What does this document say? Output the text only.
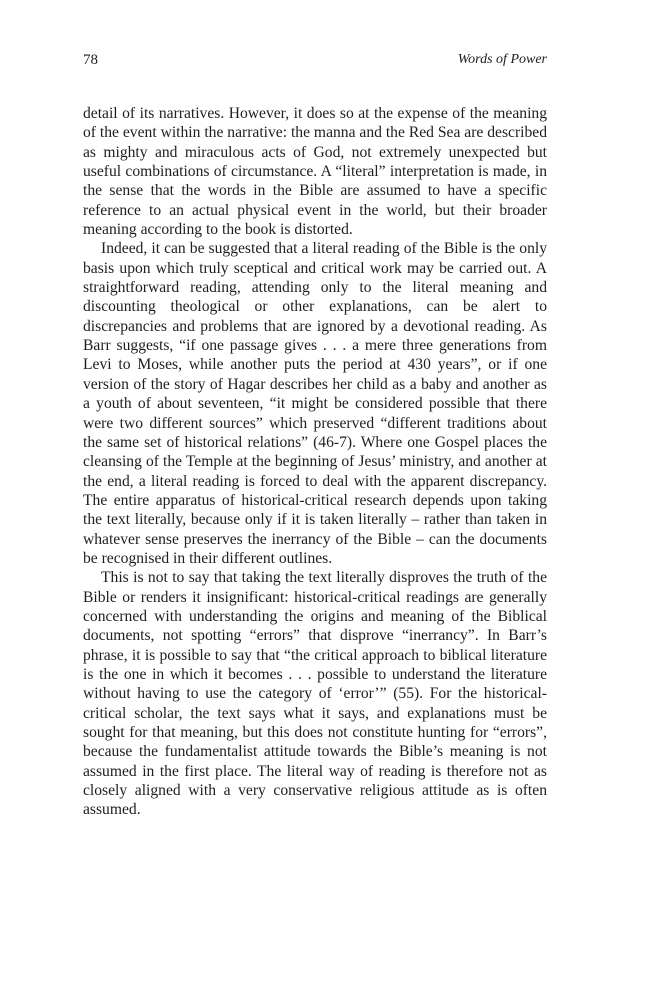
78	Words of Power

detail of its narratives. However, it does so at the expense of the meaning of the event within the narrative: the manna and the Red Sea are described as mighty and miraculous acts of God, not extremely unexpected but useful combinations of circumstance. A “literal” interpretation is made, in the sense that the words in the Bible are assumed to have a specific reference to an actual physical event in the world, but their broader meaning according to the book is distorted.

Indeed, it can be suggested that a literal reading of the Bible is the only basis upon which truly sceptical and critical work may be carried out. A straightforward reading, attending only to the literal meaning and discounting theological or other explanations, can be alert to discrepancies and problems that are ignored by a devotional reading. As Barr suggests, “if one passage gives . . . a mere three generations from Levi to Moses, while another puts the period at 430 years”, or if one version of the story of Hagar describes her child as a baby and another as a youth of about seventeen, “it might be considered possible that there were two different sources” which preserved “different traditions about the same set of historical relations” (46-7). Where one Gospel places the cleansing of the Temple at the beginning of Jesus’ ministry, and another at the end, a literal reading is forced to deal with the apparent discrepancy. The entire apparatus of historical-critical research depends upon taking the text literally, because only if it is taken literally – rather than taken in whatever sense preserves the inerrancy of the Bible – can the documents be recognised in their different outlines.

This is not to say that taking the text literally disproves the truth of the Bible or renders it insignificant: historical-critical readings are generally concerned with understanding the origins and meaning of the Biblical documents, not spotting “errors” that disprove “inerrancy”. In Barr’s phrase, it is possible to say that “the critical approach to biblical literature is the one in which it becomes . . . possible to understand the literature without having to use the category of ‘error’” (55). For the historical-critical scholar, the text says what it says, and explanations must be sought for that meaning, but this does not constitute hunting for “errors”, because the fundamentalist attitude towards the Bible’s meaning is not assumed in the first place. The literal way of reading is therefore not as closely aligned with a very conservative religious attitude as is often assumed.
